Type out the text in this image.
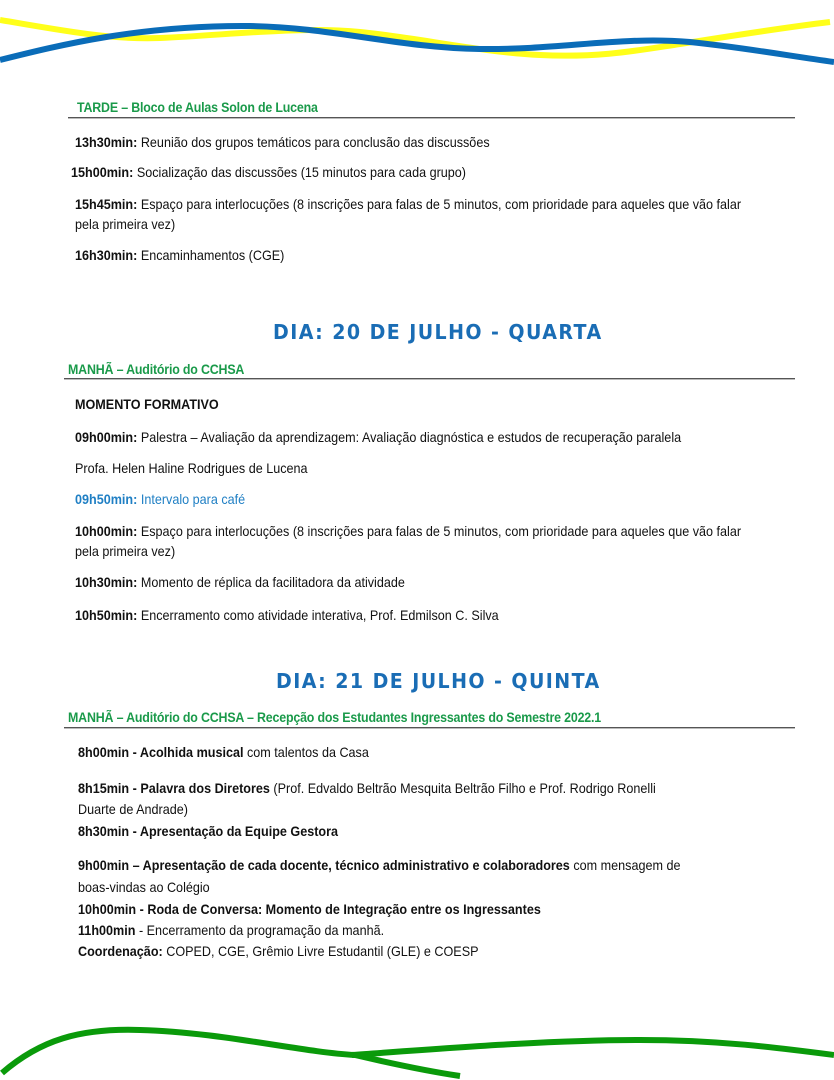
TARDE – Bloco de Aulas Solon de Lucena
13h30min: Reunião dos grupos temáticos para conclusão das discussões
15h00min: Socialização das discussões (15 minutos para cada grupo)
15h45min: Espaço para interlocuções (8 inscrições para falas de 5 minutos, com prioridade para aqueles que vão falar
pela primeira vez)
16h30min: Encaminhamentos (CGE)
DIA: 20 DE JULHO - QUARTA
MANHÃ – Auditório do CCHSA
MOMENTO FORMATIVO
09h00min: Palestra – Avaliação da aprendizagem: Avaliação diagnóstica e estudos de recuperação paralela
Profa. Helen Haline Rodrigues de Lucena
09h50min: Intervalo para café
10h00min: Espaço para interlocuções (8 inscrições para falas de 5 minutos, com prioridade para aqueles que vão falar
pela primeira vez)
10h30min: Momento de réplica da facilitadora da atividade
10h50min: Encerramento como atividade interativa, Prof. Edmilson C. Silva
DIA: 21 DE JULHO - QUINTA
MANHÃ – Auditório do CCHSA – Recepção dos Estudantes Ingressantes do Semestre 2022.1
8h00min - Acolhida musical com talentos da Casa
8h15min - Palavra dos Diretores (Prof. Edvaldo Beltrão Mesquita Beltrão Filho e Prof. Rodrigo Ronelli
Duarte de Andrade)
8h30min - Apresentação da Equipe Gestora
9h00min – Apresentação de cada docente, técnico administrativo e colaboradores com mensagem de
boas-vindas ao Colégio
10h00min - Roda de Conversa: Momento de Integração entre os Ingressantes
11h00min - Encerramento da programação da manhã.
Coordenação: COPED, CGE, Grêmio Livre Estudantil (GLE) e COESP
